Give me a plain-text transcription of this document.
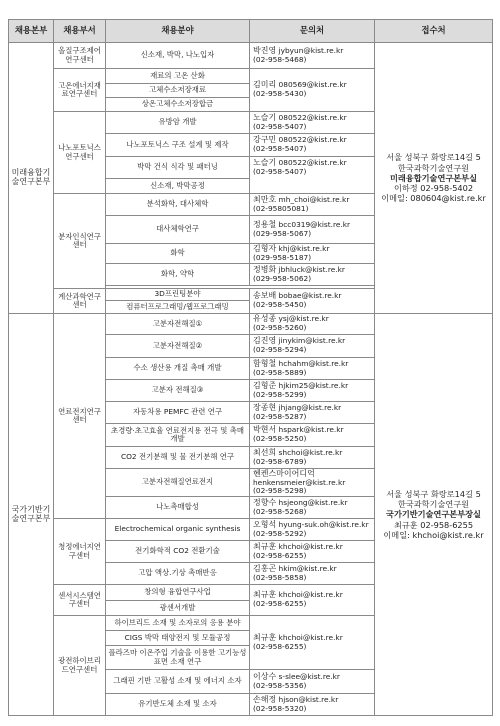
채용본부	채용부서	채용분야	문의처	접수처
미래융합기술연구본부	올질구조제어연구센터	신소재, 박막, 나노입자	박진영 jybyun@kist.re.kr
(02-958-5468)	서울 성북구 화랑로14길 5
한국과학기술연구원
미래융합기술연구본부실
이하정 02-958-5402
이메일: 080604@kist.re.kr
	고온에너지재료연구센터	재료의 고온 산화	김미리 080569@kist.re.kr
(02-958-5430)	
		고체수소저장재료		
		상온고체수소저장합금		
	나노포토닉스연구센터	유방암 개발	노슬기 080522@kist.re.kr
(02-958-5407)	
		나노포토닉스 구조 설계 및 제작	강구민 080522@kist.re.kr
(02-958-5407)	
		박막 건식 식각 및 패터닝	노슬기 080522@kist.re.kr
(02-958-5407)	
		신소재, 박막공정		
	분자인식연구센터	분석화학, 대사체학	최만호 mh_choi@kist.re.kr
(02-95805081)	
		대사체학연구	정용철 bcc0319@kist.re.kr
(029-958-5067)	
		화학	김형자 khj@kist.re.kr
(029-958-5187)	
		화학, 약학	정병화 jbhluck@kist.re.kr
(029-958-5062)	

	계산과학연구센터	3D프린팅분야	송보배 bobae@kist.re.kr
(02-958-5450)	
		컴퓨터프로그래밍/웹프로그래밍		
국가기반기술연구본부	연료전지연구센터	고분자전해질①	유성종 ysj@kist.re.kr
(02-958-5260)	서울 성북구 화랑로14길 5
한국과학기술연구원
국가기반기술연구본부장실
최규훈 02-958-6255
이메일: khchoi@kist.re.kr
		고분자전해질②	김진영 jinykim@kist.re.kr
(02-958-5294)	
		수소 생산용 개질 촉매 개발	함형철 hchahm@kist.re.kr
(02-958-5889)	
		고분자 전해질③	김형준 hjkim25@kist.re.kr
(02-958-5299)	
		자동차용 PEMFC 관련 연구	장종현 jhjang@kist.re.kr
(02-958-5287)	
		초경량·초고효율 연료전지용 전극 및 촉매 개발	박현서 hspark@kist.re.kr
(02-958-5250)	
		CO2 전기분해 및 물 전기분해 연구	최선희 shchoi@kist.re.kr
(02-958-6789)	
		고분자전해질연료전지	헨켄스마이어디억
henkensmeier@kist.re.kr
(02-958-5298)	
		나노촉매합성	정향수 hsjeong@kist.re.kr
(02-958-5268)	
	청정에너지연구센터	Electrochemical organic synthesis	오형석 hyung-suk.oh@kist.re.kr
(02-958-5292)	
		전기화학적 CO2 전환기술	최규훈 khchoi@kist.re.kr
(02-958-6255)	
		고압 액상.기상 촉매반응	김홍곤 hkim@kist.re.kr
(02-958-5858)	
	센서시스템연구센터	창의형 융합연구사업	최규훈 khchoi@kist.re.kr
(02-958-6255)	
		광센서개발		
	광전하이브리드연구센터	하이브리드 소재 및 소자로의 응용 분야	최규훈 khchoi@kist.re.kr
(02-958-6255)	
		CIGS 박막 태양전지 및 모듈공정		
		플라즈마 이온주입 기술을 이용한 고기능성 표면 소재 연구		
		그래핀 기반 고활성 소재 및 에너지 소자	이상수 s-slee@kist.re.kr
(02-958-5356)	
		유기반도체 소재 및 소자	손해정 hjson@kist.re.kr
(02-958-5320)	
